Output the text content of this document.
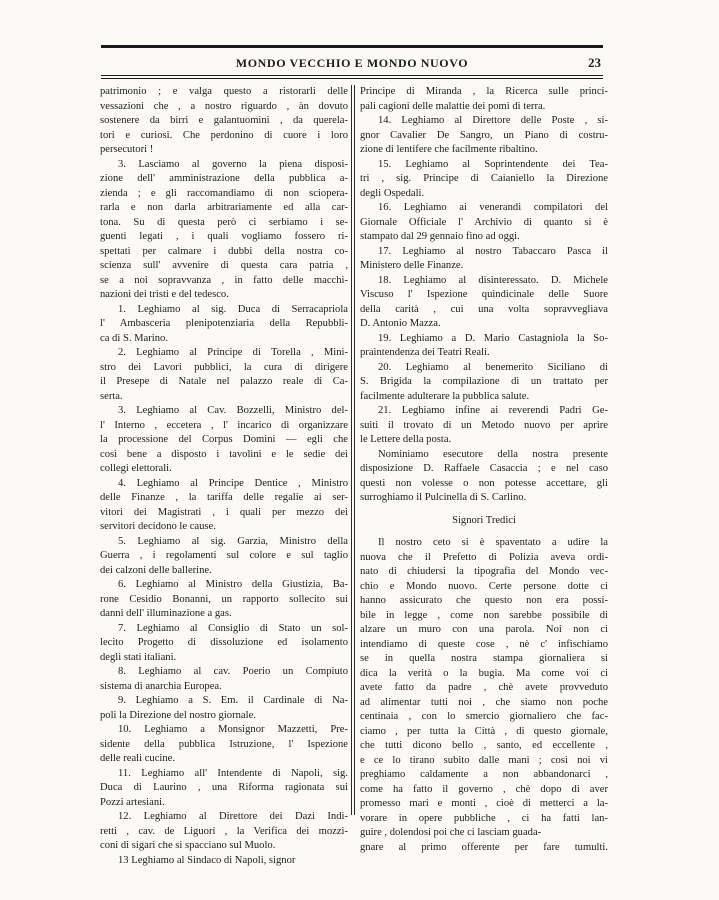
MONDO VECCHIO E MONDO NUOVO	23
patrimonio ; e valga questo a ristorarli delle
vessazioni che , a nostro riguardo , àn dovuto
sostenere da birri e galantuomini , da querela-
tori e curiosi. Che perdonino di cuore i loro
persecutori !
3. Lasciamo al governo la piena disposi-
zione dell' amministrazione della pubblica a-
zienda ; e gli raccomandiamo di non sciopera-
rarla e non darla arbitrariamente ed alla car-
tona. Su di questa però ci serbiamo i se-
guenti legati , i quali vogliamo fossero ri-
spettati per calmare i dubbi della nostra co-
scienza sull' avvenire di questa cara patria ,
se a noi sopravvanza , in fatto delle macchi-
nazioni dei tristi e del tedesco.
1. Leghiamo al sig. Duca di Serracapriola
l' Ambasceria plenipotenziaria della Repubbli-
ca di S. Marino.
2. Leghiamo al Principe di Torella , Mini-
stro dei Lavori pubblici, la cura di dirigere
il Presepe di Natale nel palazzo reale di Ca-
serta.
3. Leghiamo al Cav. Bozzelli, Ministro del-
l' Interno , eccetera , l' incarico di organizzare
la processione del Corpus Domini — egli che
così bene a disposto i tavolini e le sedie dei
collegi elettorali.
4. Leghiamo al Principe Dentice , Ministro
delle Finanze , la tariffa delle regalie ai ser-
vitori dei Magistrati , i quali per mezzo dei
servitori decidono le cause.
5. Leghiamo al sig. Garzia, Ministro della
Guerra , i regolamenti sul colore e sul taglio
dei calzoni delle ballerine.
6. Leghiamo al Ministro della Giustizia, Ba-
rone Cesidio Bonanni, un rapporto sollecito sui
danni dell' illuminazione a gas.
7. Leghiamo al Consiglio di Stato un sol-
lecito Progetto di dissoluzione ed isolamento
degli stati italiani.
8. Leghiamo al cav. Poerio un Compiuto
sistema di anarchia Europea.
9. Leghiamo a S. Em. il Cardinale di Na-
poli la Direzione del nostro giornale.
10. Leghiamo a Monsignor Mazzetti, Pre-
sidente della pubblica Istruzione, l' Ispezione
delle reali cucine.
11. Leghiamo all' Intendente di Napoli, sig.
Duca di Laurino , una Riforma ragionata sui
Pozzi artesiani.
12. Leghiamo al Direttore dei Dazi Indi-
retti , cav. de Liguori , la Verifica dei mozzi-
coni di sigari che si spacciano sul Muolo.
13 Leghiamo al Sindaco di Napoli, signor
Principe di Miranda , la Ricerca sulle princi-
pali cagioni delle malattie dei pomi di terra.
14. Leghiamo al Direttore delle Poste , si-
gnor Cavalier De Sangro, un Piano di costru-
zione di lentifere che facilmente ribaltino.
15. Leghiamo al Soprintendente dei Tea-
tri , sig. Principe di Caianiello la Direzione
degli Ospedali.
16. Leghiamo ai venerandi compilatori del
Giornale Officiale l' Archivio di quanto si è
stampato dal 29 gennaio fino ad oggi.
17. Leghiamo al nostro Tabaccaro Pasca il
Ministero delle Finanze.
18. Leghiamo al disinteressato. D. Michele
Viscuso l' Ispezione quindicinale delle Suore
della carità , cui una volta sopravvegliava
D. Antonio Mazza.
19. Leghiamo a D. Mario Castagniola la So-
praintendenza dei Teatri Reali.
20. Leghiamo al benemerito Siciliano di
S. Brigida la compilazione di un trattato per
facilmente adulterare la pubblica salute.
21. Leghiamo infine ai reverendi Padri Ge-
suiti il trovato di un Metodo nuovo per aprire
le Lettere della posta.
Nominiamo esecutore della nostra presente
disposizione D. Raffaele Casaccia ; e nel caso
questi non volesse o non potesse accettare, gli
surroghiamo il Pulcinella di S. Carlino.
Signori Tredici
Il nostro ceto si è spaventato a udire la
nuova che il Prefetto di Polizia aveva ordi-
nato di chiudersi la tipografia del Mondo vec-
chio e Mondo nuovo. Certe persone dotte ci
hanno assicurato che questo non era possi-
bile in legge , come non sarebbe possibile di
alzare un muro con una parola. Noi non ci
intendiamo di queste cose , nè c' infischiamo
se in quella nostra stampa giornaliera si
dica la verità o la bugia. Ma come voi ci
avete fatto da padre , chè avete provveduto
ad alimentar tutti noi , che siamo non poche
centinaia , con lo smercio giornaliero che fac-
ciamo , per tutta la Città , di questo giornale,
che tutti dicono bello , santo, ed eccellente ,
e ce lo tirano subito dalle mani ; così noi vi
preghiamo caldamente a non abbandonarci ,
come ha fatto il governo , chè dopo di aver
promesso mari e monti , cioè di metterci a la-
vorare in opere pubbliche , ci ha fatti lan-
guire , dolendosi poi che ci lasciam guada-
gnare al primo offerente per fare tumulti.
